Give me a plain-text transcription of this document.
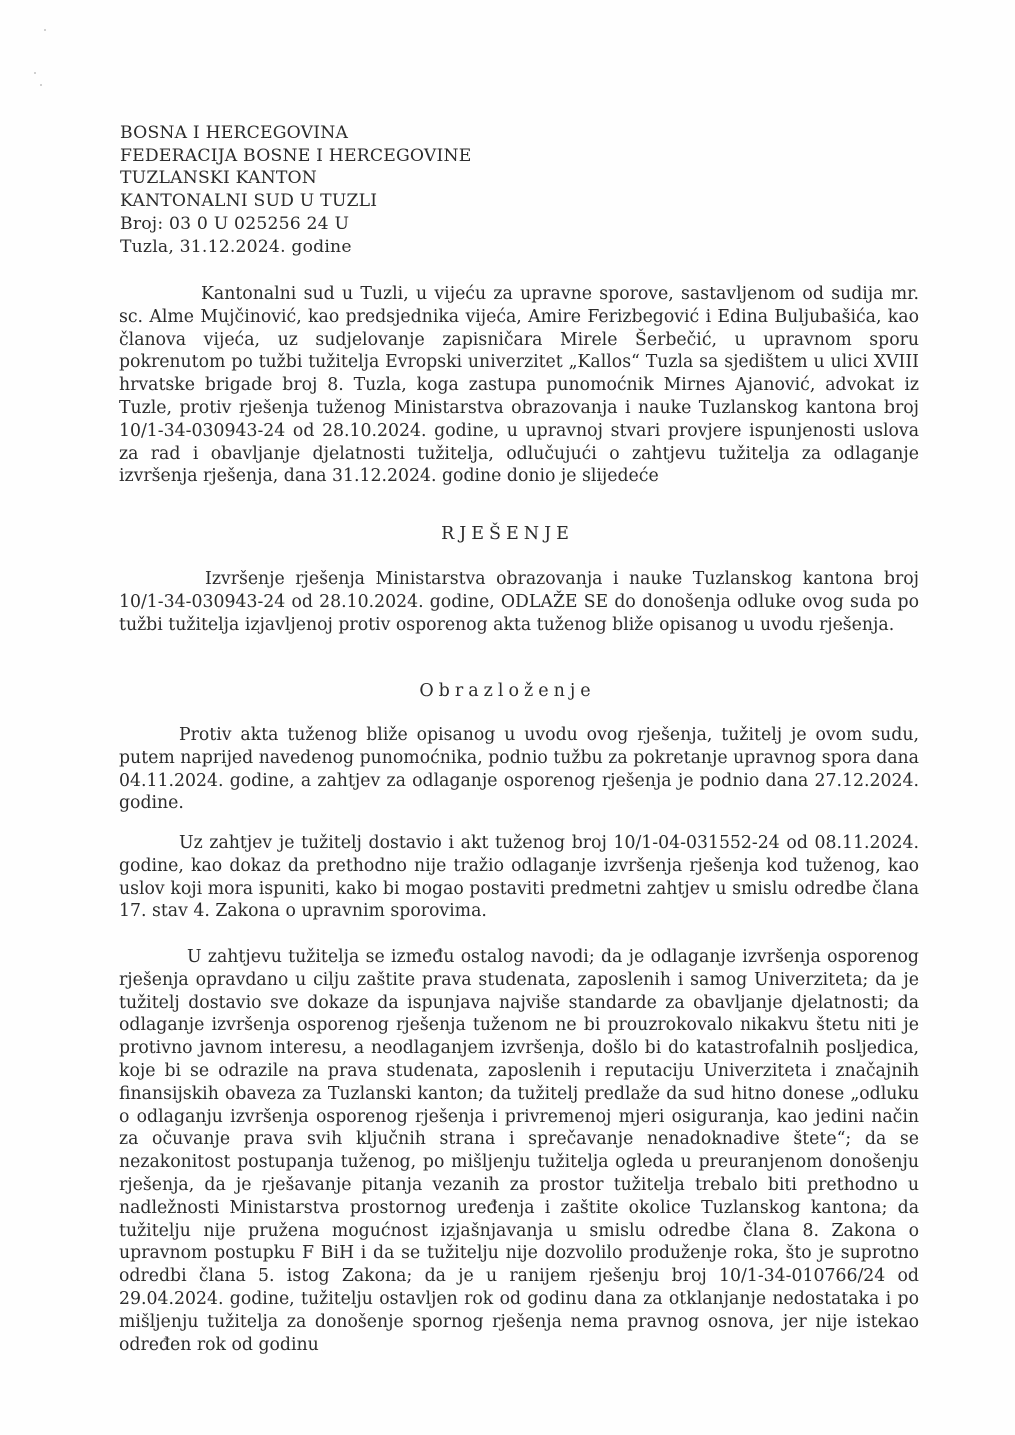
BOSNA I HERCEGOVINA
FEDERACIJA BOSNE I HERCEGOVINE
TUZLANSKI KANTON
KANTONALNI SUD U TUZLI
Broj: 03 0 U 025256 24 U
Tuzla, 31.12.2024. godine

Kantonalni sud u Tuzli, u vijeću za upravne sporove, sastavljenom od sudija mr. sc. Alme Mujčinović, kao predsjednika vijeća, Amire Ferizbegović i Edina Buljubašića, kao članova vijeća, uz sudjelovanje zapisničara Mirele Šerbečić, u upravnom sporu pokrenutom po tužbi tužitelja Evropski univerzitet „Kallos“ Tuzla sa sjedištem u ulici XVIII hrvatske brigade broj 8. Tuzla, koga zastupa punomoćnik Mirnes Ajanović, advokat iz Tuzle, protiv rješenja tuženog Ministarstva obrazovanja i nauke Tuzlanskog kantona broj 10/1-34-030943-24 od 28.10.2024. godine, u upravnoj stvari provjere ispunjenosti uslova za rad i obavljanje djelatnosti tužitelja, odlučujući o zahtjevu tužitelja za odlaganje izvršenja rješenja, dana 31.12.2024. godine donio je slijedeće

RJEŠENJE

Izvršenje rješenja Ministarstva obrazovanja i nauke Tuzlanskog kantona broj 10/1-34-030943-24 od 28.10.2024. godine, ODLAŽE SE do donošenja odluke ovog suda po tužbi tužitelja izjavljenoj protiv osporenog akta tuženog bliže opisanog u uvodu rješenja.

Obrazloženje

Protiv akta tuženog bliže opisanog u uvodu ovog rješenja, tužitelj je ovom sudu, putem naprijed navedenog punomoćnika, podnio tužbu za pokretanje upravnog spora dana 04.11.2024. godine, a zahtjev za odlaganje osporenog rješenja je podnio dana 27.12.2024. godine.

Uz zahtjev je tužitelj dostavio i akt tuženog broj 10/1-04-031552-24 od 08.11.2024. godine, kao dokaz da prethodno nije tražio odlaganje izvršenja rješenja kod tuženog, kao uslov koji mora ispuniti, kako bi mogao postaviti predmetni zahtjev u smislu odredbe člana 17. stav 4. Zakona o upravnim sporovima.

U zahtjevu tužitelja se između ostalog navodi; da je odlaganje izvršenja osporenog rješenja opravdano u cilju zaštite prava studenata, zaposlenih i samog Univerziteta; da je tužitelj dostavio sve dokaze da ispunjava najviše standarde za obavljanje djelatnosti; da odlaganje izvršenja osporenog rješenja tuženom ne bi prouzrokovalo nikakvu štetu niti je protivno javnom interesu, a neodlaganjem izvršenja, došlo bi do katastrofalnih posljedica, koje bi se odrazile na prava studenata, zaposlenih i reputaciju Univerziteta i značajnih finansijskih obaveza za Tuzlanski kanton; da tužitelj predlaže da sud hitno donese „odluku o odlaganju izvršenja osporenog rješenja i privremenoj mjeri osiguranja, kao jedini način za očuvanje prava svih ključnih strana i sprečavanje nenadoknadive štete“; da se nezakonitost postupanja tuženog, po mišljenju tužitelja ogleda u preuranjenom donošenju rješenja, da je rješavanje pitanja vezanih za prostor tužitelja trebalo biti prethodno u nadležnosti Ministarstva prostornog uređenja i zaštite okolice Tuzlanskog kantona; da tužitelju nije pružena mogućnost izjašnjavanja u smislu odredbe člana 8. Zakona o upravnom postupku F BiH i da se tužitelju nije dozvolilo produženje roka, što je suprotno odredbi člana 5. istog Zakona; da je u ranijem rješenju broj 10/1-34-010766/24 od 29.04.2024. godine, tužitelju ostavljen rok od godinu dana za otklanjanje nedostataka i po mišljenju tužitelja za donošenje spornog rješenja nema pravnog osnova, jer nije istekao određen rok od godinu
